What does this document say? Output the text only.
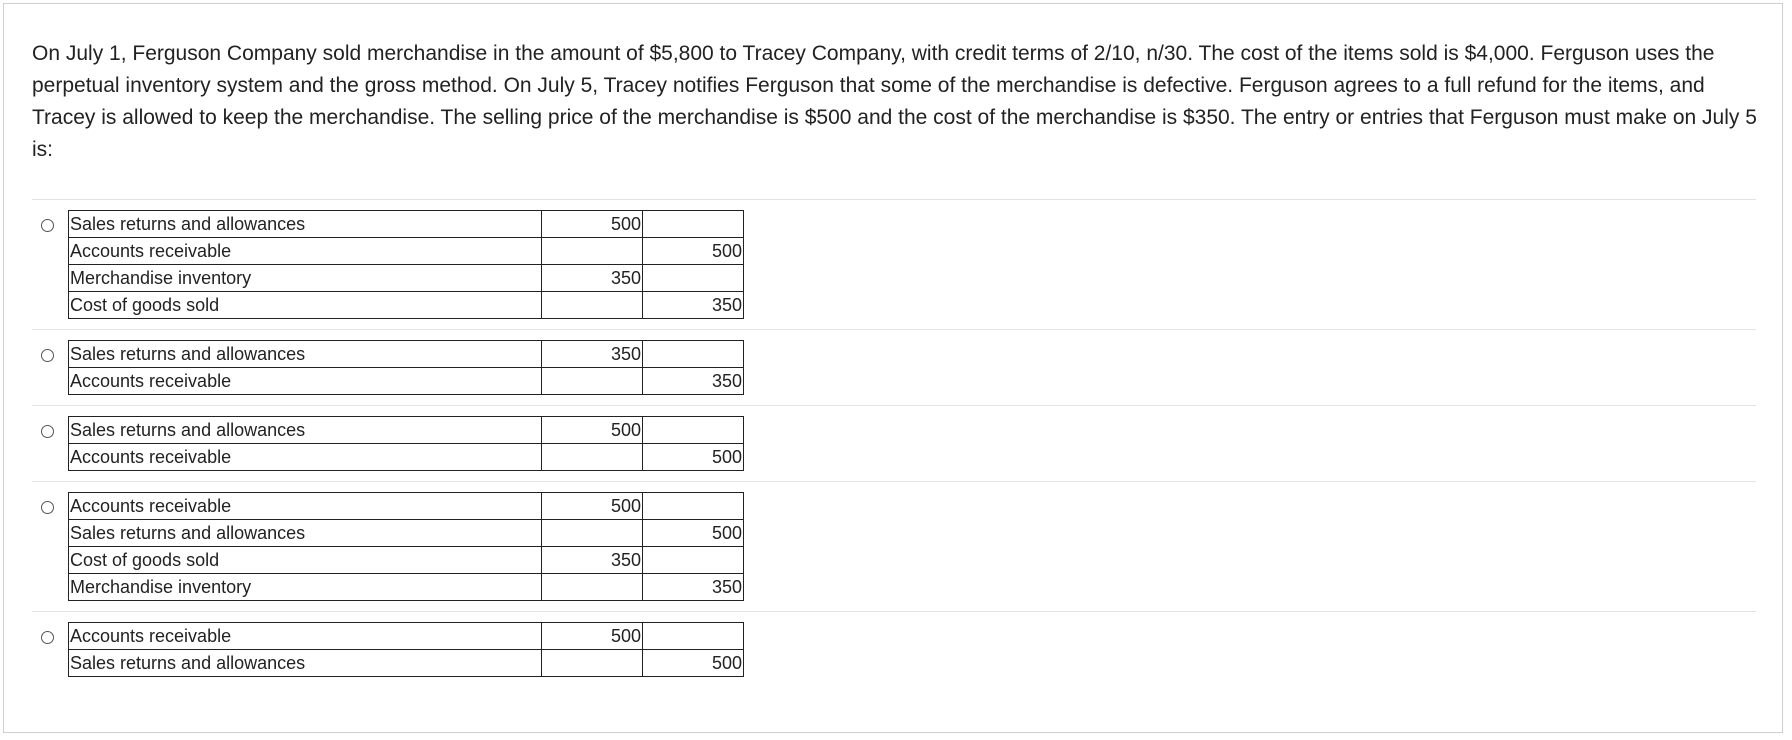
On July 1, Ferguson Company sold merchandise in the amount of $5,800 to Tracey Company, with credit terms of 2/10, n/30. The cost of the items sold is $4,000. Ferguson uses the perpetual inventory system and the gross method. On July 5, Tracey notifies Ferguson that some of the merchandise is defective. Ferguson agrees to a full refund for the items, and Tracey is allowed to keep the merchandise. The selling price of the merchandise is $500 and the cost of the merchandise is $350. The entry or entries that Ferguson must make on July 5 is:
Sales returns and allowances	500	
Accounts receivable		500
Merchandise inventory	350	
Cost of goods sold		350
Sales returns and allowances	350	
Accounts receivable		350
Sales returns and allowances	500	
Accounts receivable		500
Accounts receivable	500	
Sales returns and allowances		500
Cost of goods sold	350	
Merchandise inventory		350
Accounts receivable	500	
Sales returns and allowances		500
